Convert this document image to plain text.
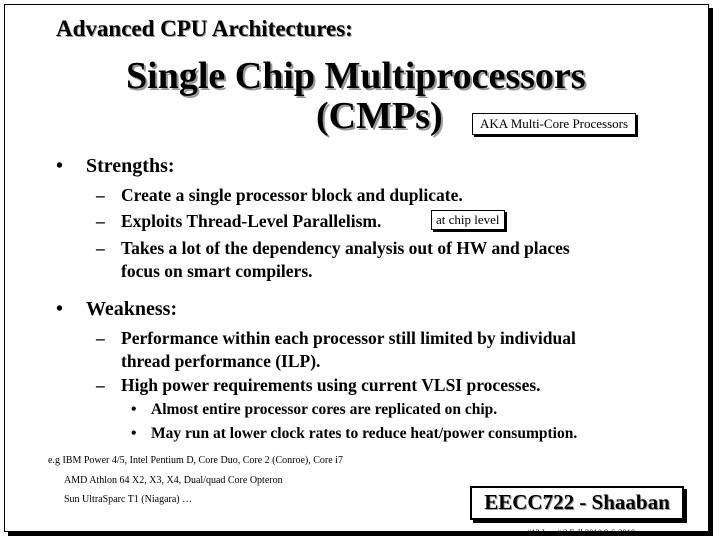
Advanced CPU Architectures:
Single Chip Multiprocessors
(CMPs)	AKA Multi-Core Processors
• Strengths:
– Create a single processor block and duplicate.
– Exploits Thread-Level Parallelism.	at chip level
– Takes a lot of the dependency analysis out of HW and places
focus on smart compilers.
• Weakness:
– Performance within each processor still limited by individual
thread performance (ILP).
– High power requirements using current VLSI processes.
• Almost entire processor cores are replicated on chip.
• May run at lower clock rates to reduce heat/power consumption.
e.g IBM Power 4/5, Intel Pentium D, Core Duo, Core 2 (Conroe), Core i7
AMD Athlon 64 X2, X3, X4, Dual/quad Core Opteron
Sun UltraSparc T1 (Niagara) …	EECC722 - Shaaban
#13 Lec # 2 Fall 2010 9-6-2010
